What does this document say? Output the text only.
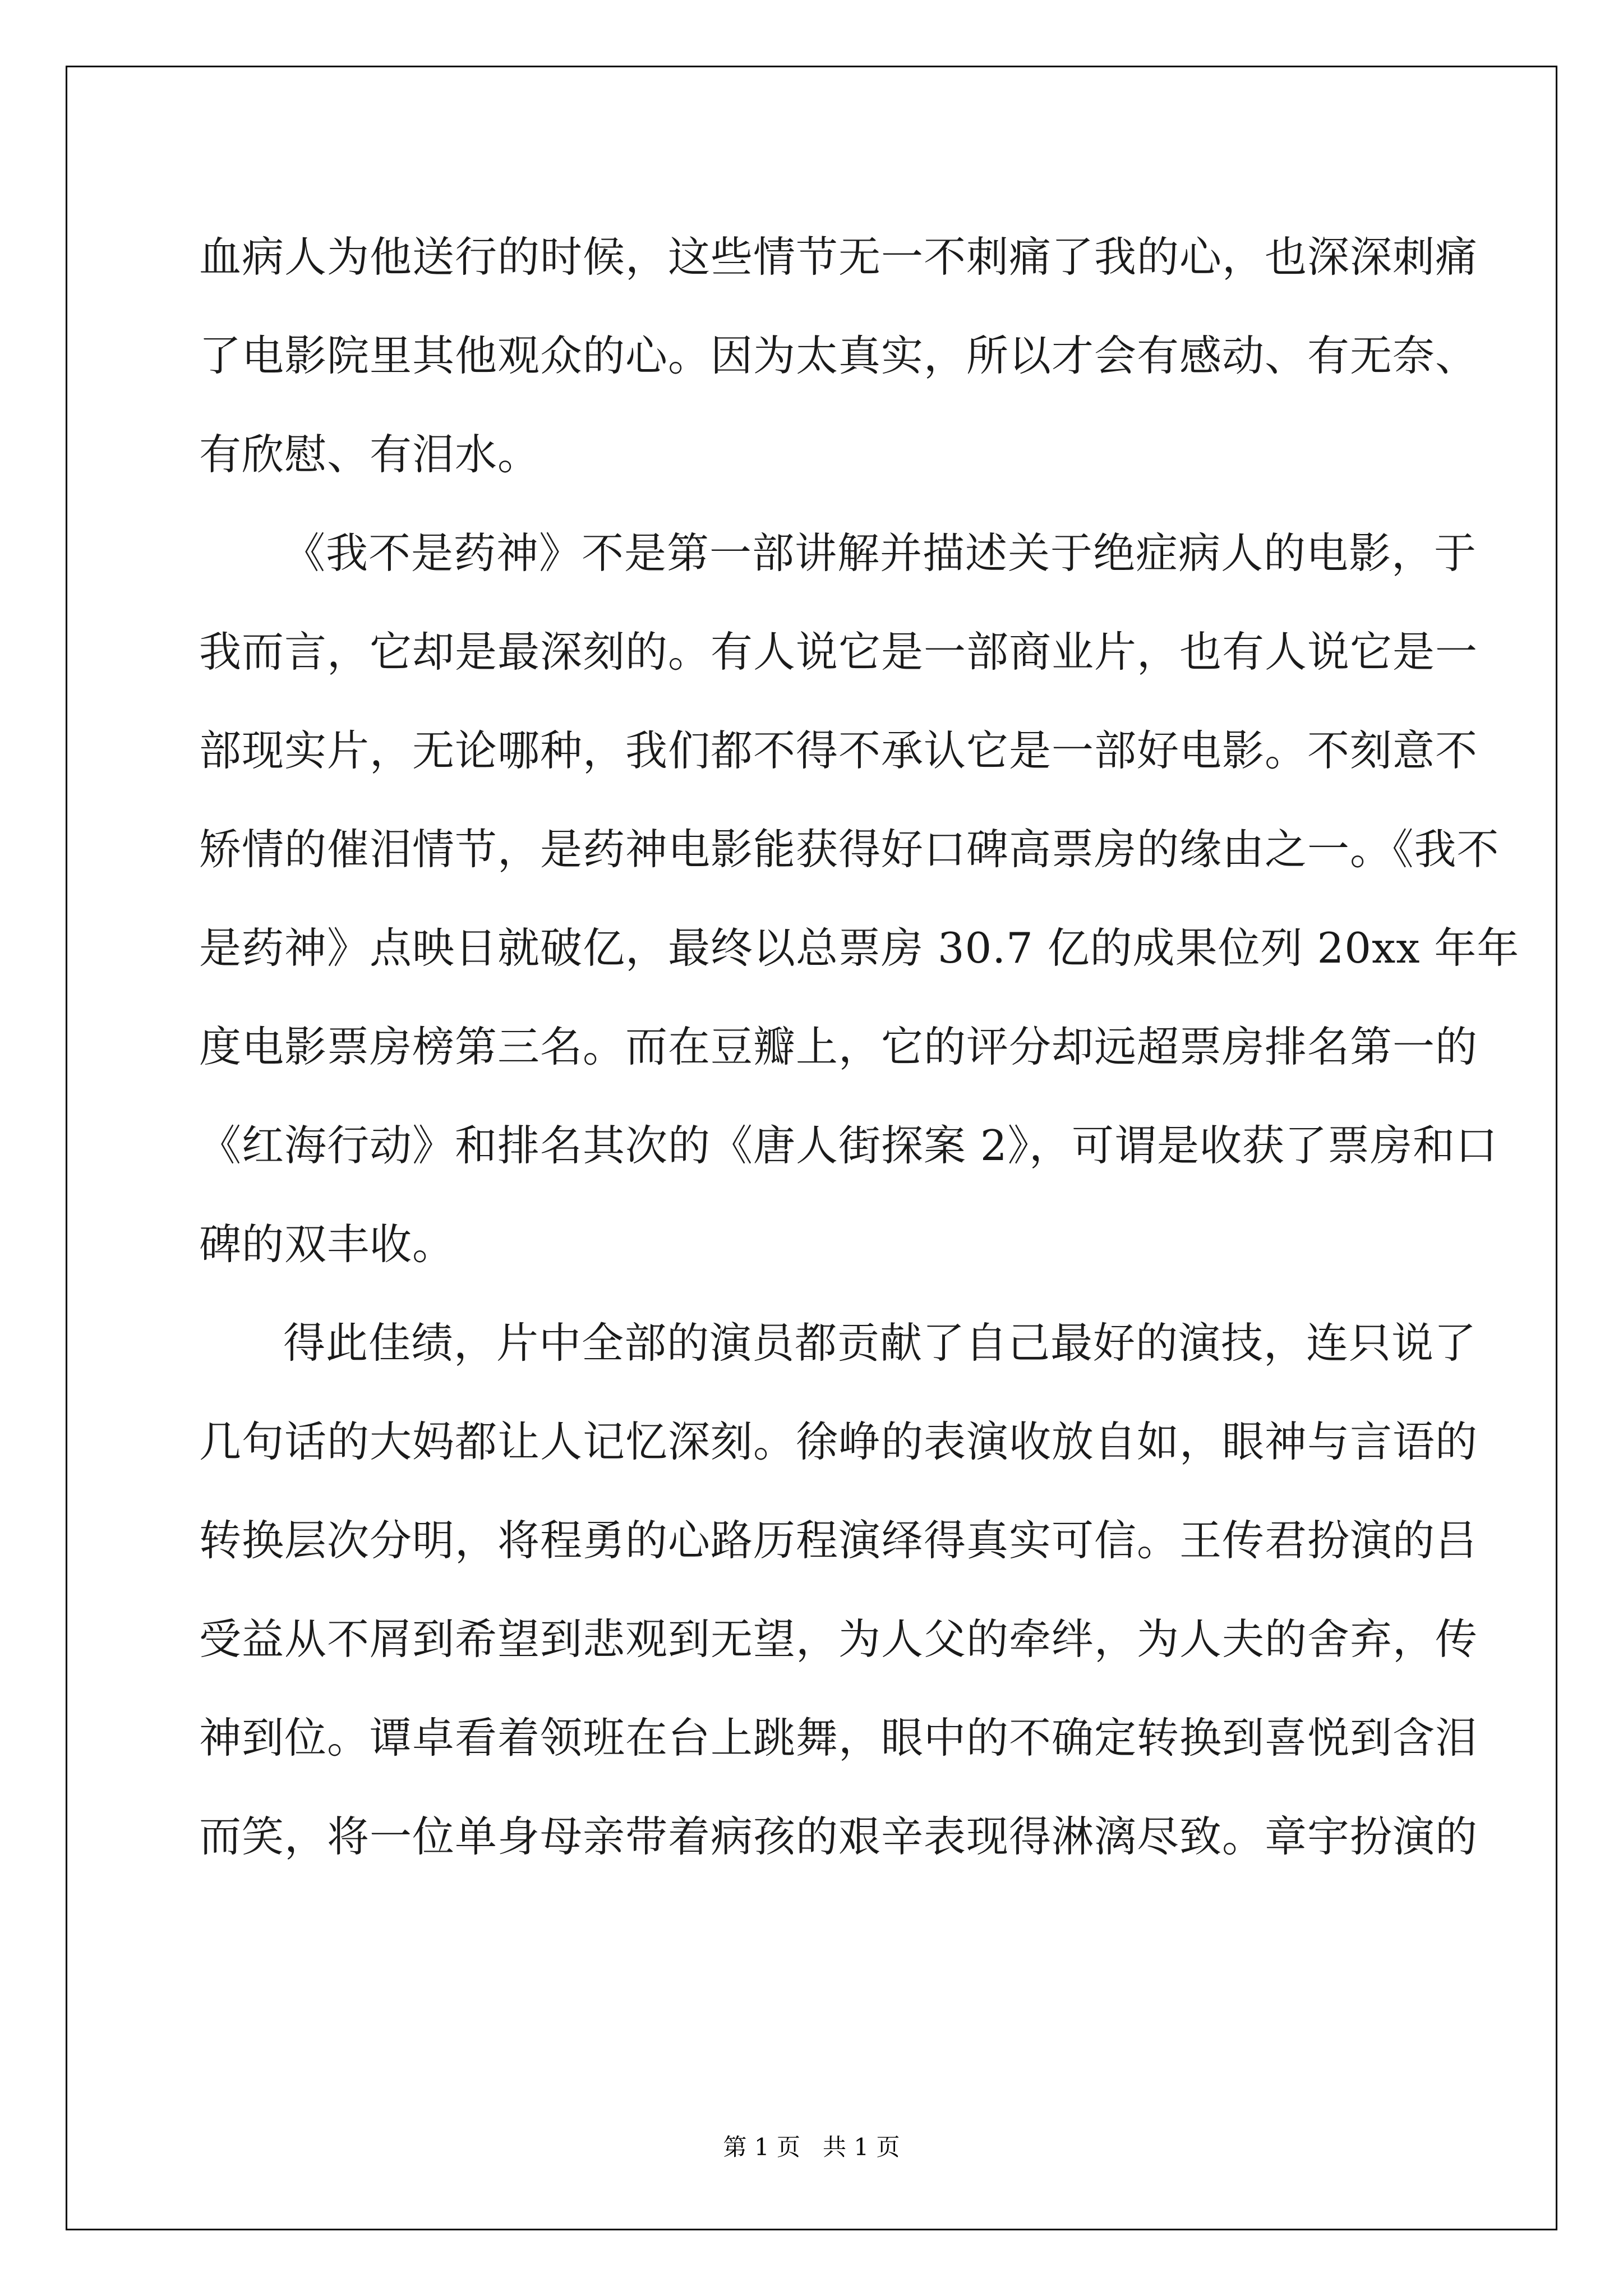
血病人为他送行的时候，这些情节无一不刺痛了我的心，也深深刺痛
了电影院里其他观众的心。因为太真实，所以才会有感动、有无奈、
有欣慰、有泪水。
《我不是药神》不是第一部讲解并描述关于绝症病人的电影，于
我而言，它却是最深刻的。有人说它是一部商业片，也有人说它是一
部现实片，无论哪种，我们都不得不承认它是一部好电影。不刻意不
矫情的催泪情节，是药神电影能获得好口碑高票房的缘由之一。《我不
是药神》点映日就破亿，最终以总票房 30.7 亿的成果位列 20xx 年年
度电影票房榜第三名。而在豆瓣上，它的评分却远超票房排名第一的
《红海行动》和排名其次的《唐人街探案 2》，可谓是收获了票房和口
碑的双丰收。
得此佳绩，片中全部的演员都贡献了自己最好的演技，连只说了
几句话的大妈都让人记忆深刻。徐峥的表演收放自如，眼神与言语的
转换层次分明，将程勇的心路历程演绎得真实可信。王传君扮演的吕
受益从不屑到希望到悲观到无望，为人父的牵绊，为人夫的舍弃，传
神到位。谭卓看着领班在台上跳舞，眼中的不确定转换到喜悦到含泪
而笑，将一位单身母亲带着病孩的艰辛表现得淋漓尽致。章宇扮演的
第 1 页   共 1 页
